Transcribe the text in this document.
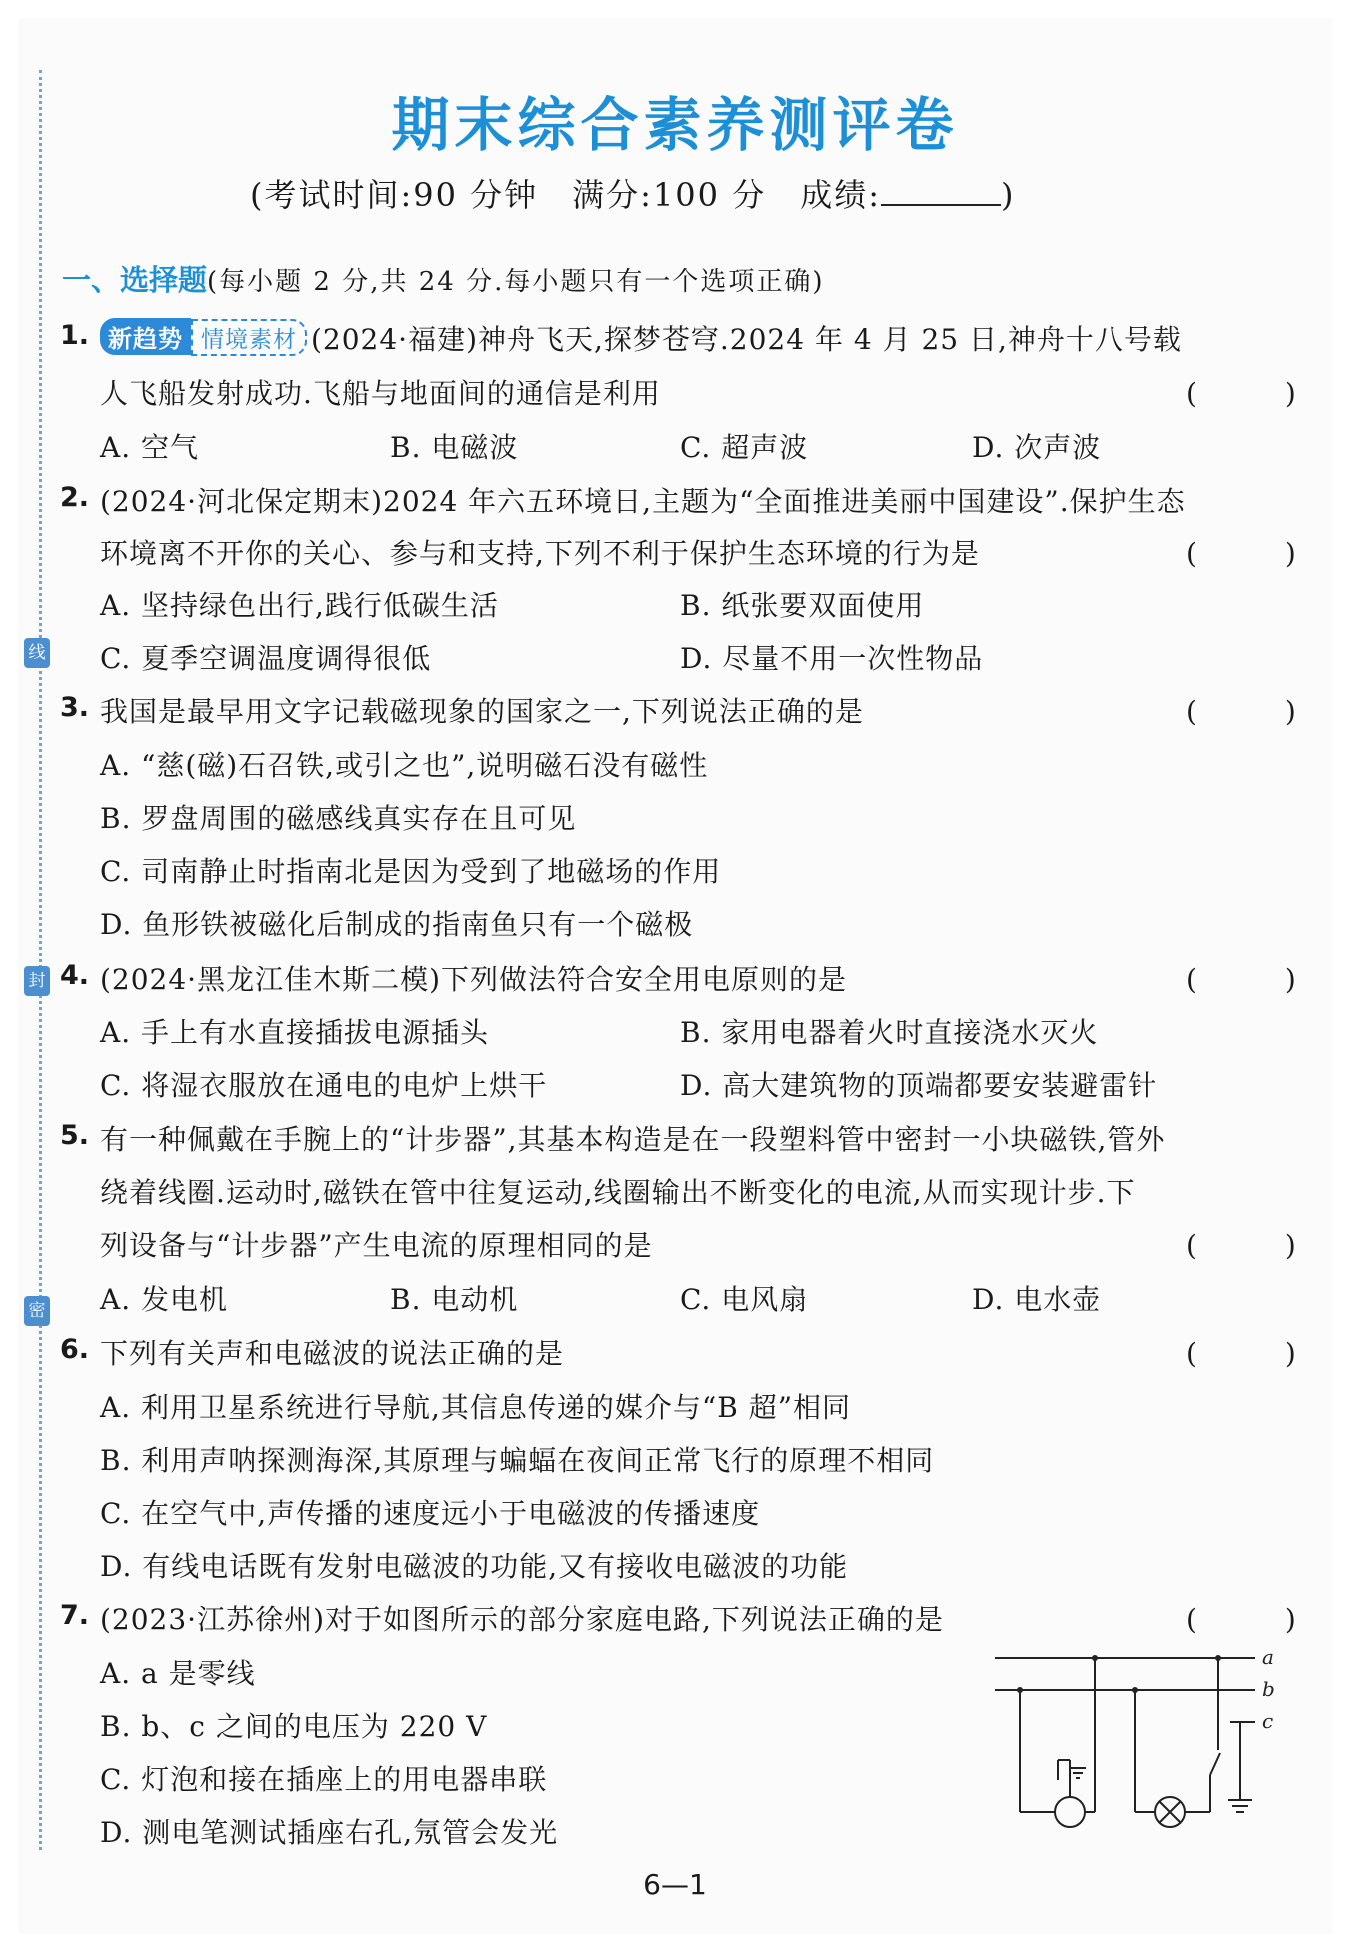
线
封
密
期末综合素养测评卷
(考试时间:90 分钟　满分:100 分　成绩:	)
一、选择题(每小题 2 分,共 24 分.每小题只有一个选项正确)
1. 新趋势 情境素材 (2024·福建)神舟飞天,探梦苍穹.2024 年 4 月 25 日,神舟十八号载
人飞船发射成功.飞船与地面间的通信是利用	(　)
A. 空气	B. 电磁波	C. 超声波	D. 次声波
2. (2024·河北保定期末)2024 年六五环境日,主题为“全面推进美丽中国建设”.保护生态
环境离不开你的关心、参与和支持,下列不利于保护生态环境的行为是	(　)
A. 坚持绿色出行,践行低碳生活	B. 纸张要双面使用
C. 夏季空调温度调得很低	D. 尽量不用一次性物品
3. 我国是最早用文字记载磁现象的国家之一,下列说法正确的是	(　)
A. “慈(磁)石召铁,或引之也”,说明磁石没有磁性
B. 罗盘周围的磁感线真实存在且可见
C. 司南静止时指南北是因为受到了地磁场的作用
D. 鱼形铁被磁化后制成的指南鱼只有一个磁极
4. (2024·黑龙江佳木斯二模)下列做法符合安全用电原则的是	(　)
A. 手上有水直接插拔电源插头	B. 家用电器着火时直接浇水灭火
C. 将湿衣服放在通电的电炉上烘干	D. 高大建筑物的顶端都要安装避雷针
5. 有一种佩戴在手腕上的“计步器”,其基本构造是在一段塑料管中密封一小块磁铁,管外
绕着线圈.运动时,磁铁在管中往复运动,线圈输出不断变化的电流,从而实现计步.下
列设备与“计步器”产生电流的原理相同的是	(　)
A. 发电机	B. 电动机	C. 电风扇	D. 电水壶
6. 下列有关声和电磁波的说法正确的是	(　)
A. 利用卫星系统进行导航,其信息传递的媒介与“B 超”相同
B. 利用声呐探测海深,其原理与蝙蝠在夜间正常飞行的原理不相同
C. 在空气中,声传播的速度远小于电磁波的传播速度
D. 有线电话既有发射电磁波的功能,又有接收电磁波的功能
7. (2023·江苏徐州)对于如图所示的部分家庭电路,下列说法正确的是	(　)
A. a 是零线
B. b、c 之间的电压为 220 V
C. 灯泡和接在插座上的用电器串联
D. 测电笔测试插座右孔,氖管会发光
a
b
c
6—1
